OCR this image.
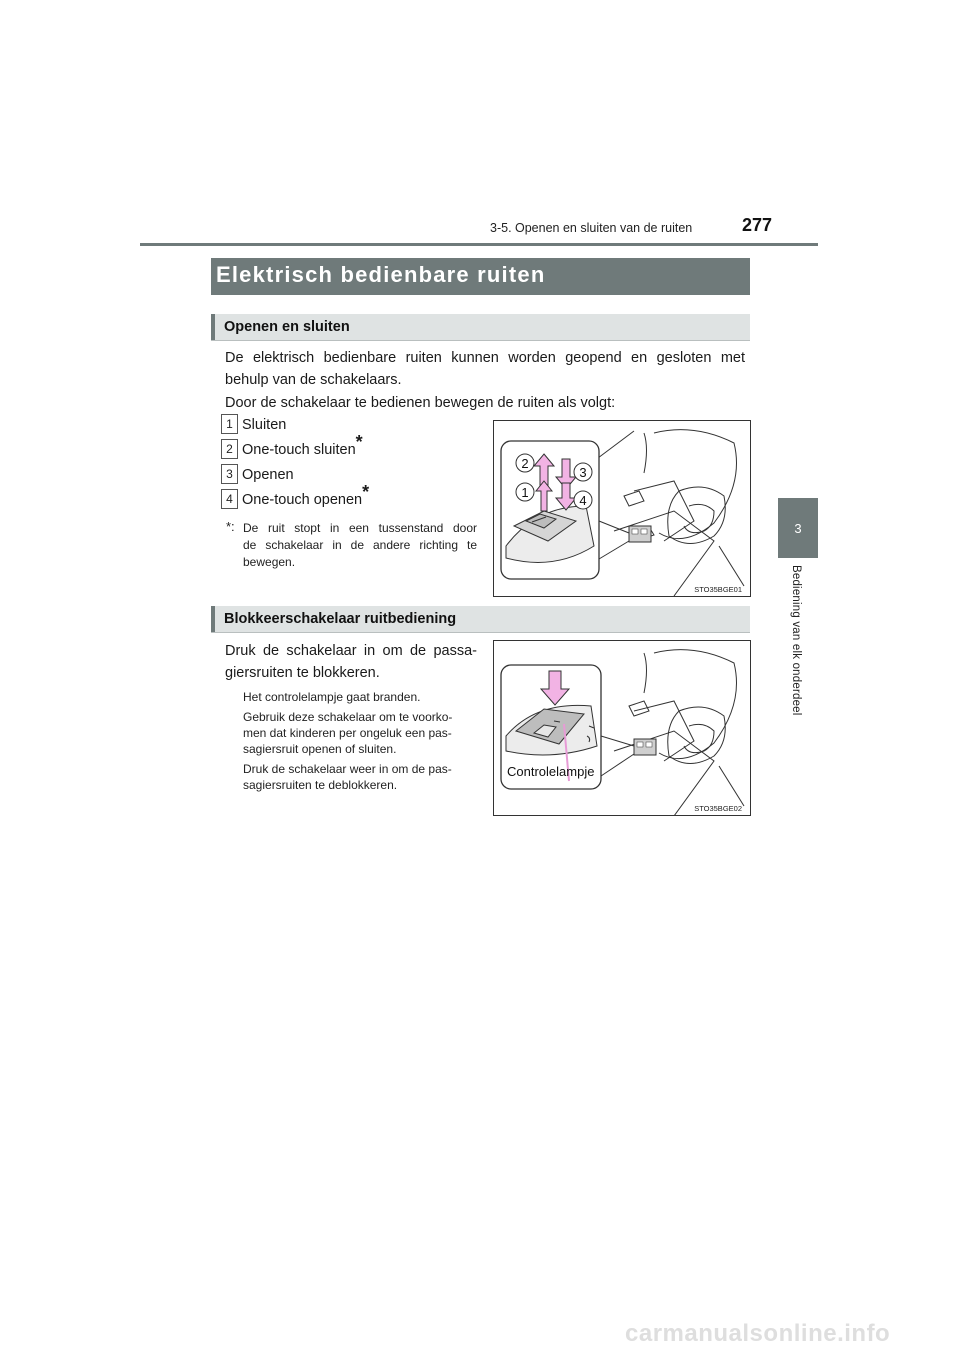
3-5. Openen en sluiten van de ruiten	277
3
Bediening van elk onderdeel
Elektrisch bedienbare ruiten
Openen en sluiten
De elektrisch bedienbare ruiten kunnen worden geopend en gesloten met
behulp van de schakelaars.
Door de schakelaar te bedienen bewegen de ruiten als volgt:
1 Sluiten
2 One-touch sluiten*
3 Openen
4 One-touch openen*
*: De ruit stopt in een tussenstand door
de schakelaar in de andere richting te
bewegen.
2
3
1
4
STO35BGE01
Blokkeerschakelaar ruitbediening
Druk de schakelaar in om de passa-
giersruiten te blokkeren.
Het controlelampje gaat branden.
Gebruik deze schakelaar om te voorko-
men dat kinderen per ongeluk een pas-
sagiersruit openen of sluiten.
Druk de schakelaar weer in om de pas-
sagiersruiten te deblokkeren.
Controlelampje
STO35BGE02
carmanualsonline.info
